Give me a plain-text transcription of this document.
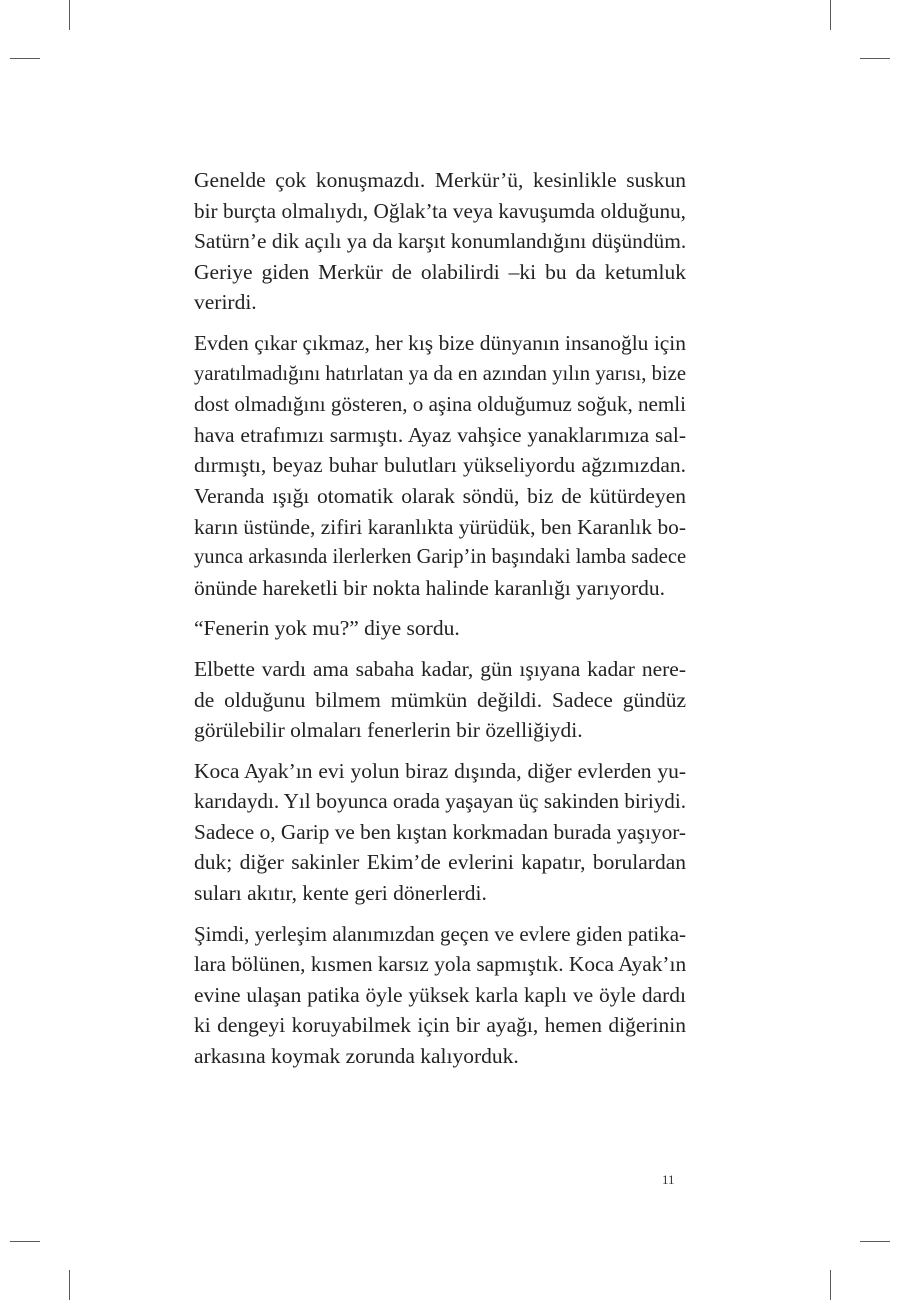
Genelde çok konuşmazdı. Merkür’ü, kesinlikle suskun
bir burçta olmalıydı, Oğlak’ta veya kavuşumda olduğunu,
Satürn’e dik açılı ya da karşıt konumlandığını düşündüm.
Geriye giden Merkür de olabilirdi –ki bu da ketumluk
verirdi.
Evden çıkar çıkmaz, her kış bize dünyanın insanoğlu için
yaratılmadığını hatırlatan ya da en azından yılın yarısı, bize
dost olmadığını gösteren, o aşina olduğumuz soğuk, nemli
hava etrafımızı sarmıştı. Ayaz vahşice yanaklarımıza sal-
dırmıştı, beyaz buhar bulutları yükseliyordu ağzımızdan.
Veranda ışığı otomatik olarak söndü, biz de kütürdeyen
karın üstünde, zifiri karanlıkta yürüdük, ben Karanlık bo-
yunca arkasında ilerlerken Garip’in başındaki lamba sadece
önünde hareketli bir nokta halinde karanlığı yarıyordu.
“Fenerin yok mu?” diye sordu.
Elbette vardı ama sabaha kadar, gün ışıyana kadar nere-
de olduğunu bilmem mümkün değildi. Sadece gündüz
görülebilir olmaları fenerlerin bir özelliğiydi.
Koca Ayak’ın evi yolun biraz dışında, diğer evlerden yu-
karıdaydı. Yıl boyunca orada yaşayan üç sakinden biriydi.
Sadece o, Garip ve ben kıştan korkmadan burada yaşıyor-
duk; diğer sakinler Ekim’de evlerini kapatır, borulardan
suları akıtır, kente geri dönerlerdi.
Şimdi, yerleşim alanımızdan geçen ve evlere giden patika-
lara bölünen, kısmen karsız yola sapmıştık. Koca Ayak’ın
evine ulaşan patika öyle yüksek karla kaplı ve öyle dardı
ki dengeyi koruyabilmek için bir ayağı, hemen diğerinin
arkasına koymak zorunda kalıyorduk.
11
